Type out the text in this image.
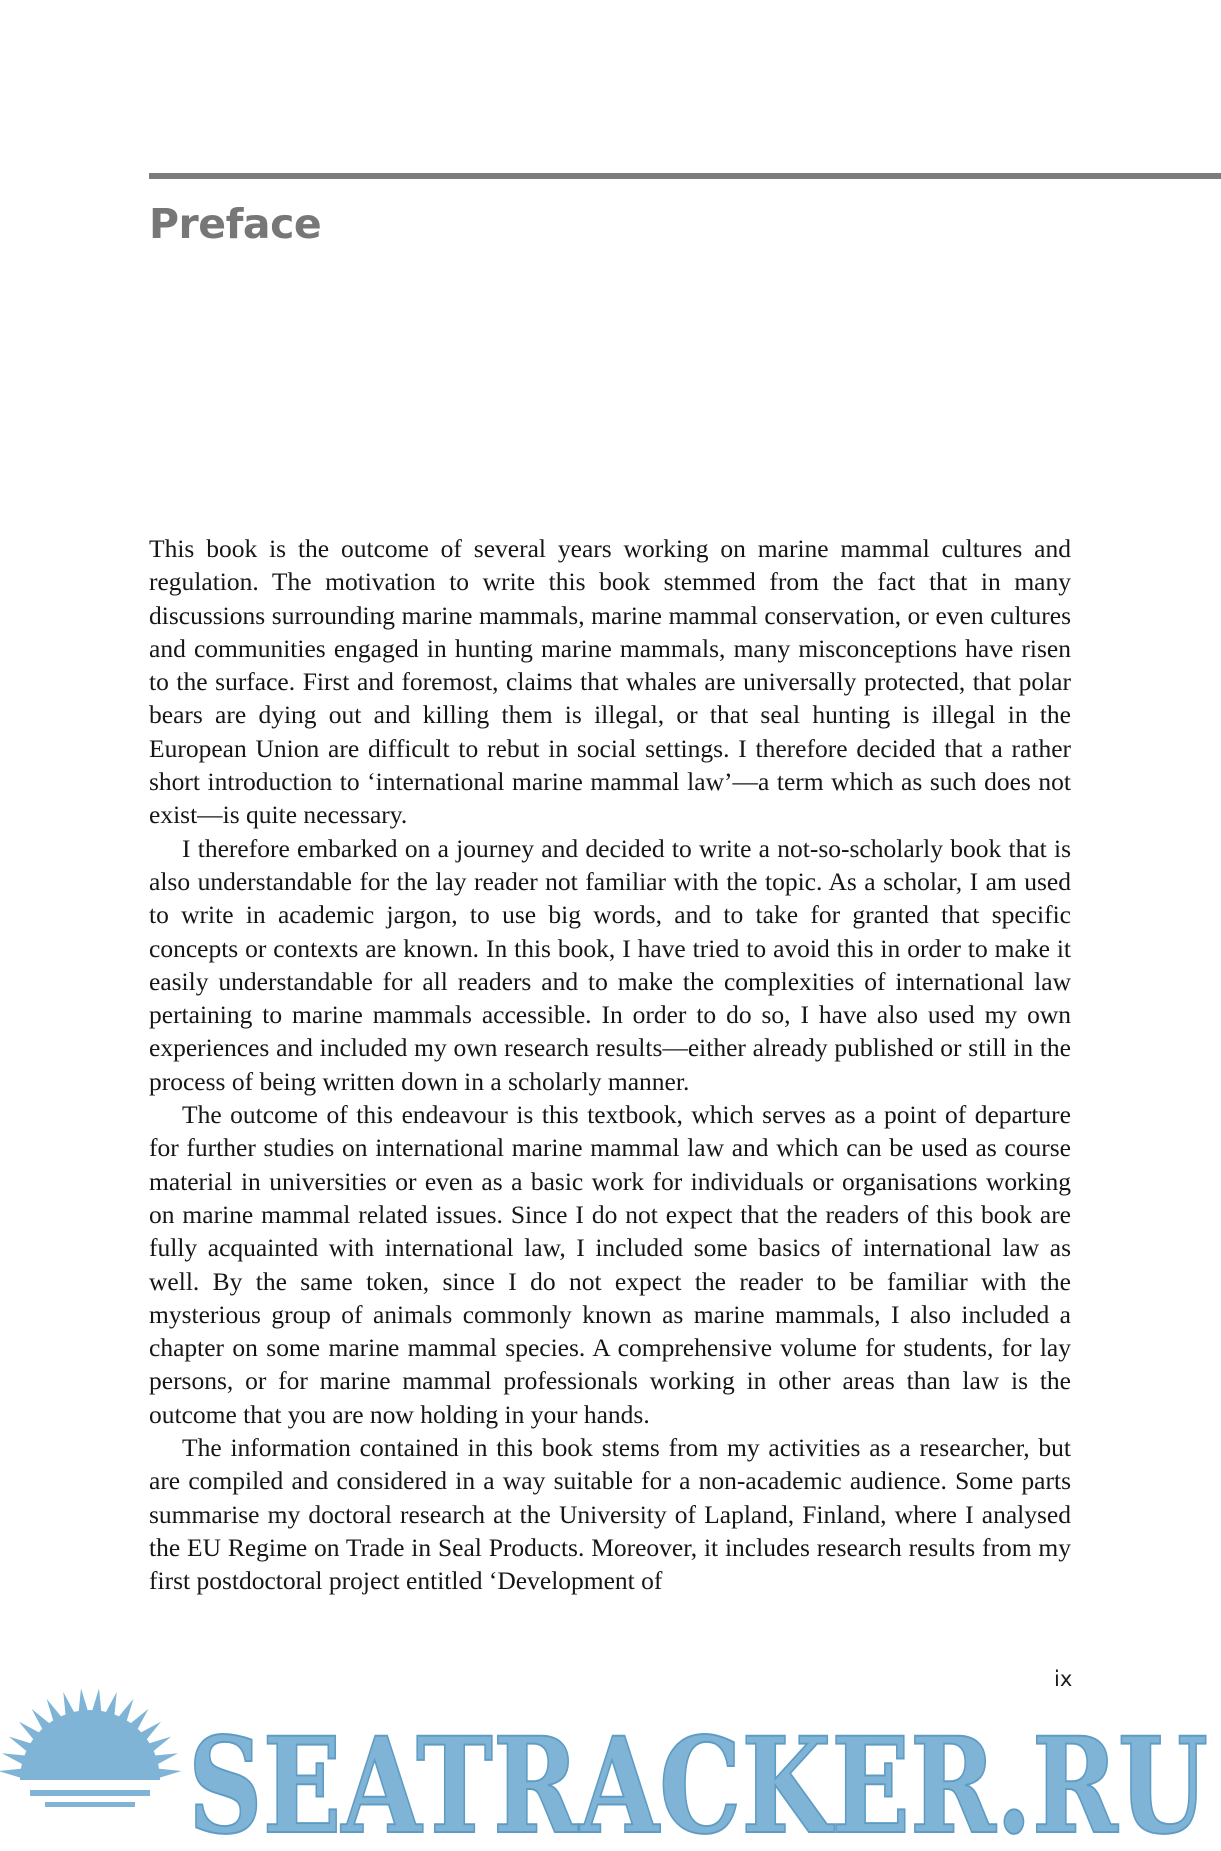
Preface

This book is the outcome of several years working on marine mammal cultures and regulation. The motivation to write this book stemmed from the fact that in many discussions surrounding marine mammals, marine mammal conservation, or even cultures and communities engaged in hunting marine mammals, many misconceptions have risen to the surface. First and foremost, claims that whales are universally protected, that polar bears are dying out and killing them is illegal, or that seal hunting is illegal in the European Union are difficult to rebut in social settings. I therefore decided that a rather short introduction to ‘international marine mammal law’—a term which as such does not exist—is quite necessary.

I therefore embarked on a journey and decided to write a not-so-scholarly book that is also understandable for the lay reader not familiar with the topic. As a scholar, I am used to write in academic jargon, to use big words, and to take for granted that specific concepts or contexts are known. In this book, I have tried to avoid this in order to make it easily understandable for all readers and to make the complexities of international law pertaining to marine mammals accessible. In order to do so, I have also used my own experiences and included my own research results—either already published or still in the process of being written down in a scholarly manner.

The outcome of this endeavour is this textbook, which serves as a point of departure for further studies on international marine mammal law and which can be used as course material in universities or even as a basic work for individuals or organisations working on marine mammal related issues. Since I do not expect that the readers of this book are fully acquainted with international law, I included some basics of international law as well. By the same token, since I do not expect the reader to be familiar with the mysterious group of animals commonly known as marine mammals, I also included a chapter on some marine mammal species. A comprehensive volume for students, for lay persons, or for marine mammal professionals working in other areas than law is the outcome that you are now holding in your hands.

The information contained in this book stems from my activities as a researcher, but are compiled and considered in a way suitable for a non-academic audience. Some parts summarise my doctoral research at the University of Lapland, Finland, where I analysed the EU Regime on Trade in Seal Products. Moreover, it includes research results from my first postdoctoral project entitled ‘Development of

ix
SEATRACKER.RU
